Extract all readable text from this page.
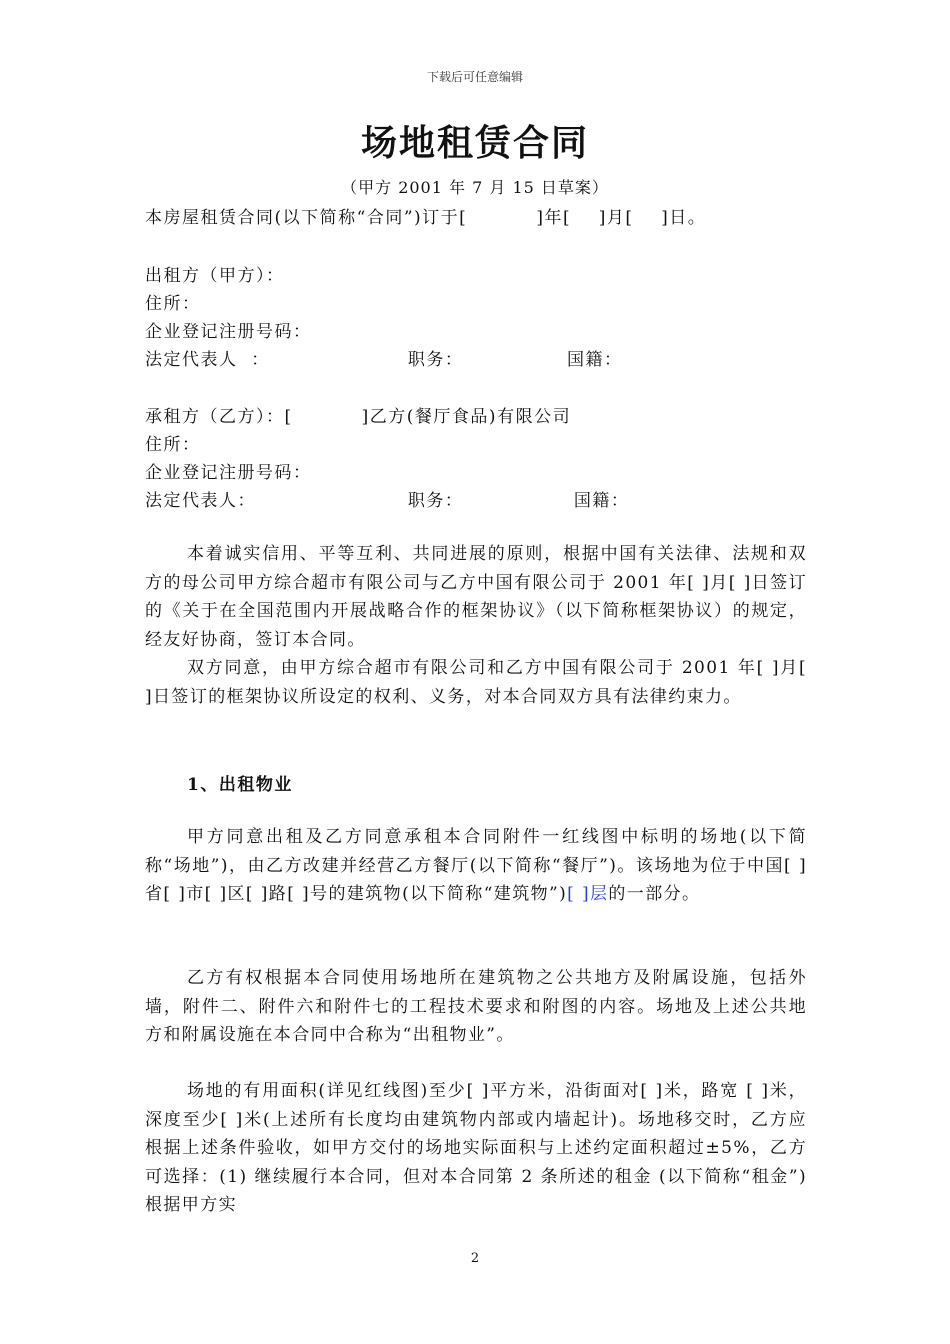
下载后可任意编辑
场地租赁合同
（甲方 2001 年 7 月 15 日草案）
本房屋租赁合同(以下简称“合同”)订于[          ]年[    ]月[    ]日。
出租方（甲方）：
住所：
企业登记注册号码：
法定代表人  ：                    职务：               国籍：
承租方（乙方）：[          ]乙方(餐厅食品)有限公司
住所：
企业登记注册号码：
法定代表人：                      职务：                国籍：
本着诚实信用、平等互利、共同进展的原则，根据中国有关法律、法规和双方的母公司甲方综合超市有限公司与乙方中国有限公司于 2001 年[ ]月[ ]日签订的《关于在全国范围内开展战略合作的框架协议》（以下简称框架协议）的规定，经友好协商，签订本合同。
双方同意，由甲方综合超市有限公司和乙方中国有限公司于 2001 年[ ]月[ ]日签订的框架协议所设定的权利、义务，对本合同双方具有法律约束力。
1、出租物业
甲方同意出租及乙方同意承租本合同附件一红线图中标明的场地(以下简称“场地”)，由乙方改建并经营乙方餐厅(以下简称“餐厅”)。该场地为位于中国[ ]省[ ]市[ ]区[ ]路[ ]号的建筑物(以下简称“建筑物”)[ ]层的一部分。
乙方有权根据本合同使用场地所在建筑物之公共地方及附属设施，包括外墙，附件二、附件六和附件七的工程技术要求和附图的内容。场地及上述公共地方和附属设施在本合同中合称为“出租物业”。
场地的有用面积(详见红线图)至少[ ]平方米，沿街面对[ ]米，路宽 [ ]米， 深度至少[ ]米(上述所有长度均由建筑物内部或内墙起计)。场地移交时，乙方应根据上述条件验收，如甲方交付的场地实际面积与上述约定面积超过±5%，乙方可选择：(1) 继续履行本合同，但对本合同第 2 条所述的租金 (以下简称“租金”)根据甲方实
2
